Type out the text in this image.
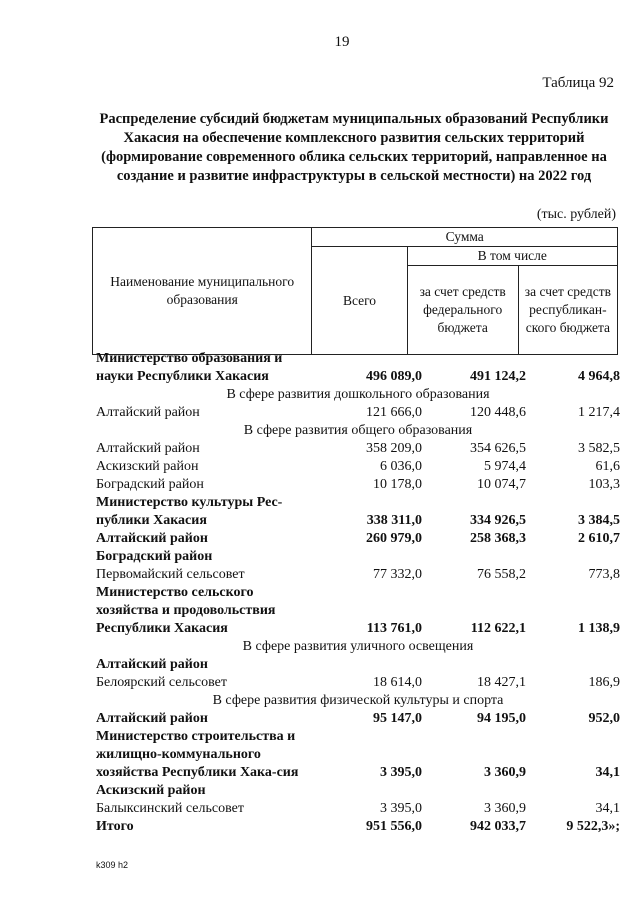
19
Таблица 92
Распределение субсидий бюджетам муниципальных образований Республики Хакасия на обеспечение комплексного развития сельских территорий (формирование современного облика сельских территорий, направленное на создание и развитие инфраструктуры в сельской местности) на 2022 год
(тыс. рублей)
Наименование муниципального образования	Сумма		
	Всего	В том числе	
		за счет средств федерального бюджета	за счет средств республикан-ского бюджета
Министерство образования и науки Республики Хакасия	496 089,0	491 124,2	4 964,8
В сфере развития дошкольного образования			
Алтайский район	121 666,0	120 448,6	1 217,4
В сфере развития общего образования			
Алтайский район	358 209,0	354 626,5	3 582,5
Аскизский район	6 036,0	5 974,4	61,6
Боградский район	10 178,0	10 074,7	103,3
Министерство культуры Рес-публики Хакасия	338 311,0	334 926,5	3 384,5
Алтайский район	260 979,0	258 368,3	2 610,7
Боградский район			
Первомайский сельсовет	77 332,0	76 558,2	773,8
Министерство сельского хозяйства и продовольствия Республики Хакасия	113 761,0	112 622,1	1 138,9
В сфере развития уличного освещения			
Алтайский район			
Белоярский сельсовет	18 614,0	18 427,1	186,9
В сфере развития физической культуры и спорта			
Алтайский район	95 147,0	94 195,0	952,0
Министерство строительства и жилищно-коммунального хозяйства Республики Хака-сия	3 395,0	3 360,9	34,1
Аскизский район			
Балыксинский сельсовет	3 395,0	3 360,9	34,1
Итого	951 556,0	942 033,7	9 522,3»;
k309 h2
